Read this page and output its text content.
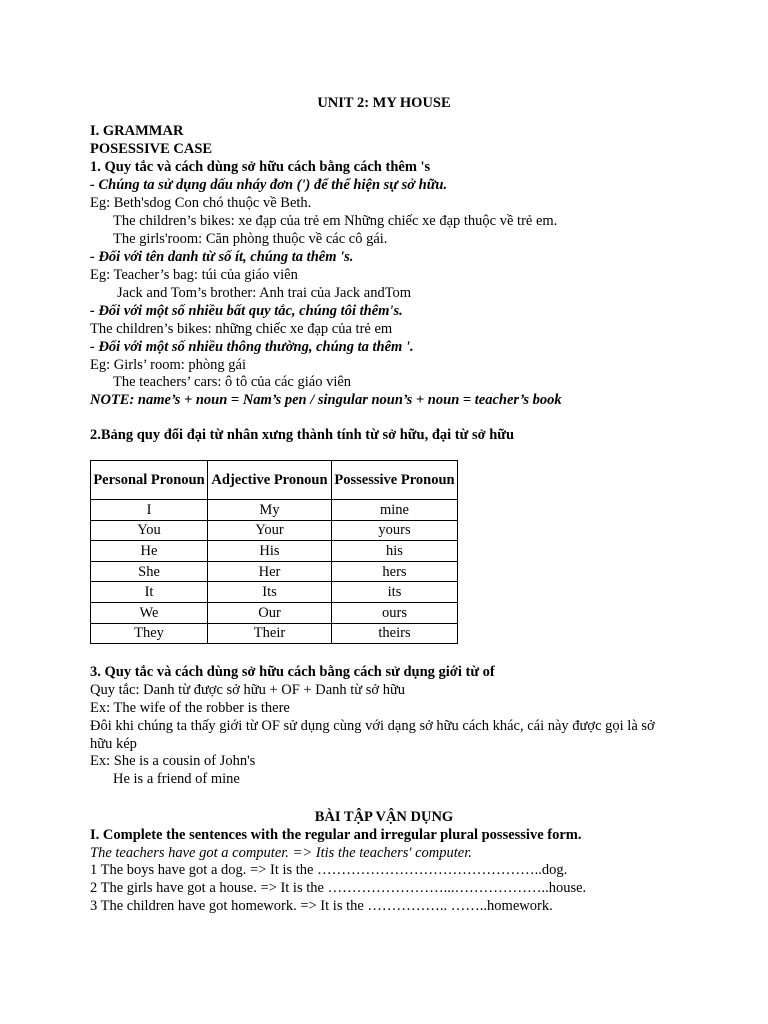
UNIT 2: MY HOUSE
I. GRAMMAR
POSESSIVE CASE
1. Quy tắc và cách dùng sở hữu cách bằng cách thêm 's
- Chúng ta sử dụng dấu nháy đơn (') để thể hiện sự sở hữu.
Eg: Beth'sdog Con chó thuộc về Beth.
The children’s bikes: xe đạp của trẻ em Những chiếc xe đạp thuộc về trẻ em.
The girls'room: Căn phòng thuộc về các cô gái.
- Đối với tên danh từ số ít, chúng ta thêm 's.
Eg: Teacher’s bag: túi của giáo viên
Jack and Tom’s brother: Anh trai của Jack andTom
- Đối với một số nhiều bất quy tắc, chúng tôi thêm's.
The children’s bikes: những chiếc xe đạp của trẻ em
- Đối với một số nhiều thông thường, chúng ta thêm '.
Eg: Girls’ room: phòng gái
The teachers’ cars: ô tô của các giáo viên
NOTE: name’s + noun = Nam’s pen / singular noun’s + noun = teacher’s book
2.Bảng quy đổi đại từ nhân xưng thành tính từ sở hữu, đại từ sở hữu
Personal Pronoun	Adjective Pronoun	Possessive Pronoun
I	My	mine
You	Your	yours
He	His	his
She	Her	hers
It	Its	its
We	Our	ours
They	Their	theirs
3. Quy tắc và cách dùng sở hữu cách bằng cách sử dụng giới từ of
Quy tắc: Danh từ được sở hữu + OF + Danh từ sở hữu
Ex: The wife of the robber is there
Đôi khi chúng ta thấy giới từ OF sử dụng cùng với dạng sở hữu cách khác, cái này được gọi là sở
hữu kép
Ex: She is a cousin of John's
He is a friend of mine
BÀI TẬP VẬN DỤNG
I. Complete the sentences with the regular and irregular plural possessive form.
The teachers have got a computer. => Itis the teachers' computer.
1 The boys have got a dog. => It is the ………………………………………..dog.
2 The girls have got a house. => It is the ……………………...………………..house.
3 The children have got homework. => It is the …………….. ……..homework.
